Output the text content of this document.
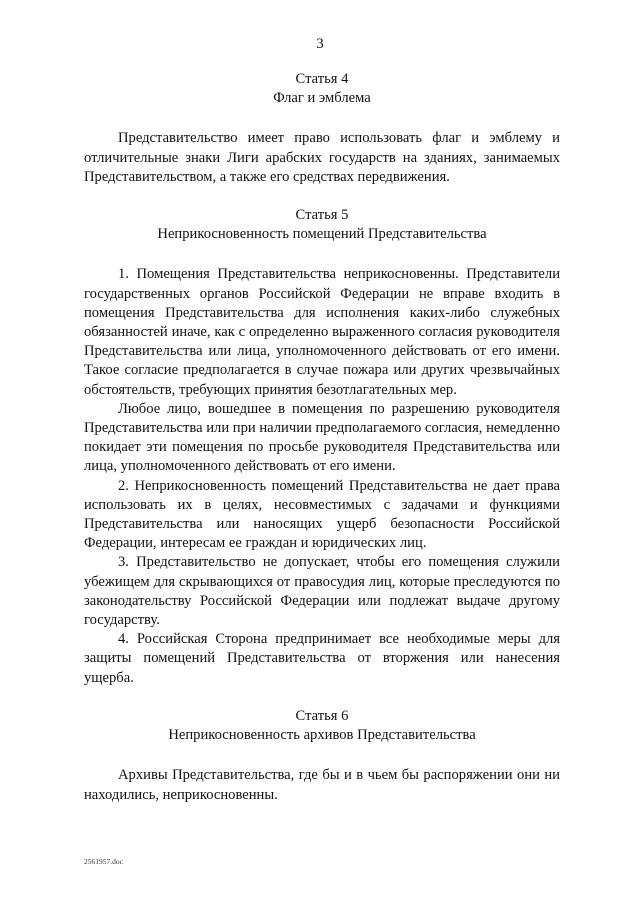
3

Статья 4

Флаг и эмблема

Представительство имеет право использовать флаг и эмблему и отличительные знаки Лиги арабских государств на зданиях, занимаемых Представительством, а также его средствах передвижения.

Статья 5

Неприкосновенность помещений Представительства

1. Помещения Представительства неприкосновенны. Представители государственных органов Российской Федерации не вправе входить в помещения Представительства для исполнения каких-либо служебных обязанностей иначе, как с определенно выраженного согласия руководителя Представительства или лица, уполномоченного действовать от его имени. Такое согласие предполагается в случае пожара или других чрезвычайных обстоятельств, требующих принятия безотлагательных мер.

Любое лицо, вошедшее в помещения по разрешению руководителя Представительства или при наличии предполагаемого согласия, немедленно покидает эти помещения по просьбе руководителя Представительства или лица, уполномоченного действовать от его имени.

2. Неприкосновенность помещений Представительства не дает права использовать их в целях, несовместимых с задачами и функциями Представительства или наносящих ущерб безопасности Российской Федерации, интересам ее граждан и юридических лиц.

3. Представительство не допускает, чтобы его помещения служили убежищем для скрывающихся от правосудия лиц, которые преследуются по законодательству Российской Федерации или подлежат выдаче другому государству.

4. Российская Сторона предпринимает все необходимые меры для защиты помещений Представительства от вторжения или нанесения ущерба.

Статья 6

Неприкосновенность архивов Представительства

Архивы Представительства, где бы и в чьем бы распоряжении они ни находились, неприкосновенны.

2561957.doc
